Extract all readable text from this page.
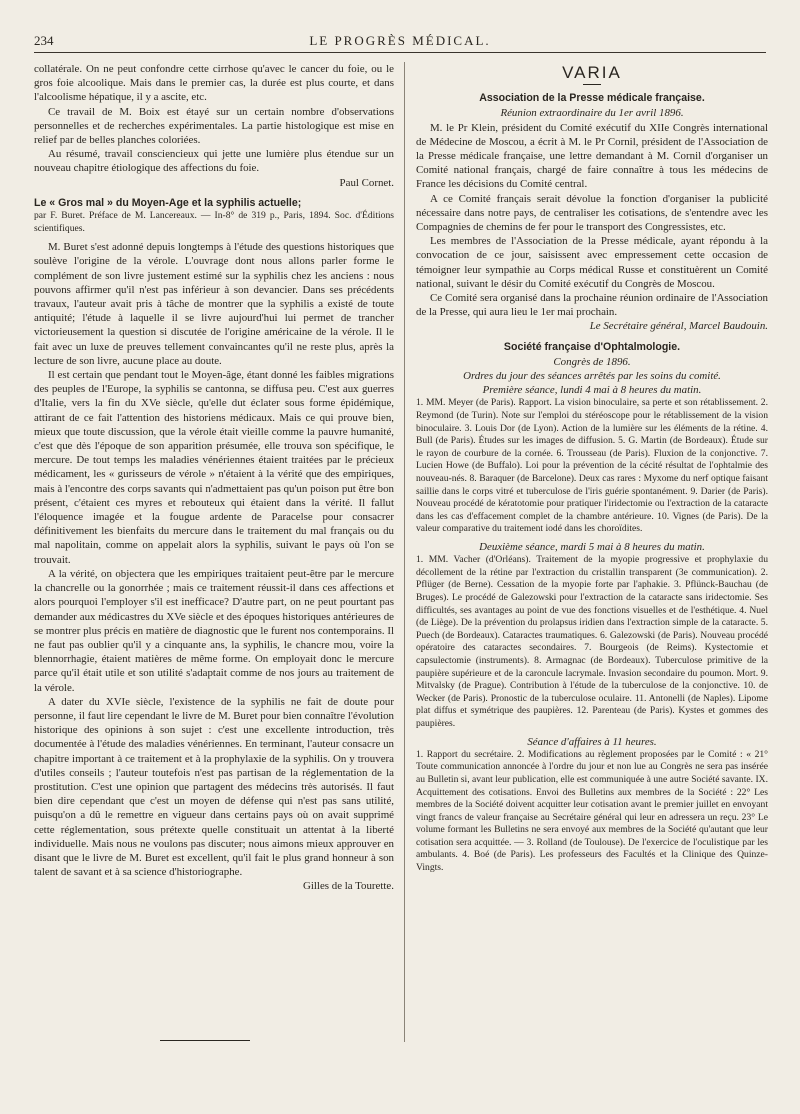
234	LE PROGRÈS MÉDICAL.

collatérale. On ne peut confondre cette cirrhose qu'avec le cancer du foie, ou le gros foie alcoolique. Mais dans le premier cas, la durée est plus courte, et dans l'alcoolisme hépatique, il y a ascite, etc.

Ce travail de M. Boix est étayé sur un certain nombre d'observations personnelles et de recherches expérimentales. La partie histologique est mise en relief par de belles planches coloriées.

Au résumé, travail consciencieux qui jette une lumière plus étendue sur un nouveau chapitre étiologique des affections du foie.

Paul Cornet.

Le « Gros mal » du Moyen-Age et la syphilis actuelle;

par F. Buret. Préface de M. Lancereaux. — In-8° de 319 p., Paris, 1894. Soc. d'Éditions scientifiques.

M. Buret s'est adonné depuis longtemps à l'étude des questions historiques que soulève l'origine de la vérole. L'ouvrage dont nous allons parler forme le complément de son livre justement estimé sur la syphilis chez les anciens : nous pouvons affirmer qu'il n'est pas inférieur à son devancier. Dans ses précédents travaux, l'auteur avait pris à tâche de montrer que la syphilis a existé de toute antiquité; l'étude à laquelle il se livre aujourd'hui lui permet de trancher victorieusement la question si discutée de l'origine américaine de la vérole. Il le fait avec un luxe de preuves tellement convaincantes qu'il ne reste plus, après la lecture de son livre, aucune place au doute.

Il est certain que pendant tout le Moyen-âge, étant donné les faibles migrations des peuples de l'Europe, la syphilis se cantonna, se diffusa peu. C'est aux guerres d'Italie, vers la fin du XVe siècle, qu'elle dut éclater sous forme épidémique, attirant de ce fait l'attention des historiens médicaux. Mais ce qui prouve bien, mieux que toute discussion, que la vérole était vieille comme la pauvre humanité, c'est que dès l'époque de son apparition présumée, elle trouva son spécifique, le mercure. De tout temps les maladies vénériennes étaient traitées par le précieux médicament, les « gurisseurs de vérole » n'étaient à la vérité que des empiriques, mais à l'encontre des corps savants qui n'admettaient pas qu'un poison put être bon présent, c'étaient ces myres et rebouteux qui étaient dans la vérité. Il fallut l'éloquence imagée et la fougue ardente de Paracelse pour consacrer définitivement les bienfaits du mercure dans le traitement du mal français ou du mal napolitain, comme on appelait alors la syphilis, suivant le pays où l'on se trouvait.

A la vérité, on objectera que les empiriques traitaient peut-être par le mercure la chancrelle ou la gonorrhée ; mais ce traitement réussit-il dans ces affections et alors pourquoi l'employer s'il est inefficace? D'autre part, on ne peut pourtant pas demander aux médicastres du XVe siècle et des époques historiques antérieures de se montrer plus précis en matière de diagnostic que le furent nos contemporains. Il ne faut pas oublier qu'il y a cinquante ans, la syphilis, le chancre mou, voire la blennorrhagie, étaient matières de même forme. On employait donc le mercure parce qu'il était utile et son utilité s'adaptait comme de nos jours au traitement de la vérole.

A dater du XVIe siècle, l'existence de la syphilis ne fait de doute pour personne, il faut lire cependant le livre de M. Buret pour bien connaître l'évolution historique des opinions à son sujet : c'est une excellente introduction, très documentée à l'étude des maladies vénériennes. En terminant, l'auteur consacre un chapitre important à ce traitement et à la prophylaxie de la syphilis. On y trouvera d'utiles conseils ; l'auteur toutefois n'est pas partisan de la réglementation de la prostitution. C'est une opinion que partagent des médecins très autorisés. Il faut bien dire cependant que c'est un moyen de défense qui n'est pas sans utilité, puisqu'on a dû le remettre en vigueur dans certains pays où on avait supprimé cette réglementation, sous prétexte quelle constituait un attentat à la liberté individuelle. Mais nous ne voulons pas discuter; nous aimons mieux approuver en disant que le livre de M. Buret est excellent, qu'il fait le plus grand honneur à son talent de savant et à sa science d'historiographe.

Gilles de la Tourette.

VARIA

Association de la Presse médicale française.

Réunion extraordinaire du 1er avril 1896.

M. le Pr Klein, président du Comité exécutif du XIIe Congrès international de Médecine de Moscou, a écrit à M. le Pr Cornil, président de l'Association de la Presse médicale française, une lettre demandant à M. Cornil d'organiser un Comité national français, chargé de faire connaître à tous les médecins de France les décisions du Comité central.

A ce Comité français serait dévolue la fonction d'organiser la publicité nécessaire dans notre pays, de centraliser les cotisations, de s'entendre avec les Compagnies de chemins de fer pour le transport des Congressistes, etc.

Les membres de l'Association de la Presse médicale, ayant répondu à la convocation de ce jour, saisissent avec empressement cette occasion de témoigner leur sympathie au Corps médical Russe et constituèrent un Comité national, suivant le désir du Comité exécutif du Congrès de Moscou.

Ce Comité sera organisé dans la prochaine réunion ordinaire de l'Association de la Presse, qui aura lieu le 1er mai prochain.

Le Secrétaire général, Marcel Baudouin.

Société française d'Ophtalmologie.

Congrès de 1896.

Ordres du jour des séances arrêtés par les soins du comité.

Première séance, lundi 4 mai à 8 heures du matin.

1. MM. Meyer (de Paris). Rapport. La vision binoculaire, sa perte et son rétablissement. 2. Reymond (de Turin). Note sur l'emploi du stéréoscope pour le rétablissement de la vision binoculaire. 3. Louis Dor (de Lyon). Action de la lumière sur les éléments de la rétine. 4. Bull (de Paris). Études sur les images de diffusion. 5. G. Martin (de Bordeaux). Étude sur le rayon de courbure de la cornée. 6. Trousseau (de Paris). Fluxion de la conjonctive. 7. Lucien Howe (de Buffalo). Loi pour la prévention de la cécité résultat de l'ophtalmie des nouveau-nés. 8. Baraquer (de Barcelone). Deux cas rares : Myxome du nerf optique faisant saillie dans le corps vitré et tuberculose de l'iris guérie spontanément. 9. Darier (de Paris). Nouveau procédé de kératotomie pour pratiquer l'iridectomie ou l'extraction de la cataracte dans les cas d'effacement complet de la chambre antérieure. 10. Vignes (de Paris). De la valeur comparative du traitement iodé dans les choroïdites.

Deuxième séance, mardi 5 mai à 8 heures du matin.

1. MM. Vacher (d'Orléans). Traitement de la myopie progressive et prophylaxie du décollement de la rétine par l'extraction du cristallin transparent (3e communication). 2. Pflüger (de Berne). Cessation de la myopie forte par l'aphakie. 3. Pflünck-Bauchau (de Bruges). Le procédé de Galezowski pour l'extraction de la cataracte sans iridectomie. Ses difficultés, ses avantages au point de vue des fonctions visuelles et de l'esthétique. 4. Nuel (de Liège). De la prévention du prolapsus iridien dans l'extraction simple de la cataracte. 5. Puech (de Bordeaux). Cataractes traumatiques. 6. Galezowski (de Paris). Nouveau procédé opératoire des cataractes secondaires. 7. Bourgeois (de Reims). Kystectomie et capsulectomie (instruments). 8. Armagnac (de Bordeaux). Tuberculose primitive de la paupière supérieure et de la caroncule lacrymale. Invasion secondaire du poumon. Mort. 9. Mitvalsky (de Prague). Contribution à l'étude de la tuberculose de la conjonctive. 10. de Wecker (de Paris). Pronostic de la tuberculose oculaire. 11. Antonelli (de Naples). Lipome plat diffus et symétrique des paupières. 12. Parenteau (de Paris). Kystes et gommes des paupières.

Séance d'affaires à 11 heures.

1. Rapport du secrétaire. 2. Modifications au règlement proposées par le Comité : « 21° Toute communication annoncée à l'ordre du jour et non lue au Congrès ne sera pas insérée au Bulletin si, avant leur publication, elle est communiquée à une autre Société savante. IX. Acquittement des cotisations. Envoi des Bulletins aux membres de la Société : 22° Les membres de la Société doivent acquitter leur cotisation avant le premier juillet en envoyant vingt francs de valeur française au Secrétaire général qui leur en adressera un reçu. 23° Le volume formant les Bulletins ne sera envoyé aux membres de la Société qu'autant que leur cotisation sera acquittée. — 3. Rolland (de Toulouse). De l'exercice de l'oculistique par les ambulants. 4. Boé (de Paris). Les professeurs des Facultés et la Clinique des Quinze-Vingts.
